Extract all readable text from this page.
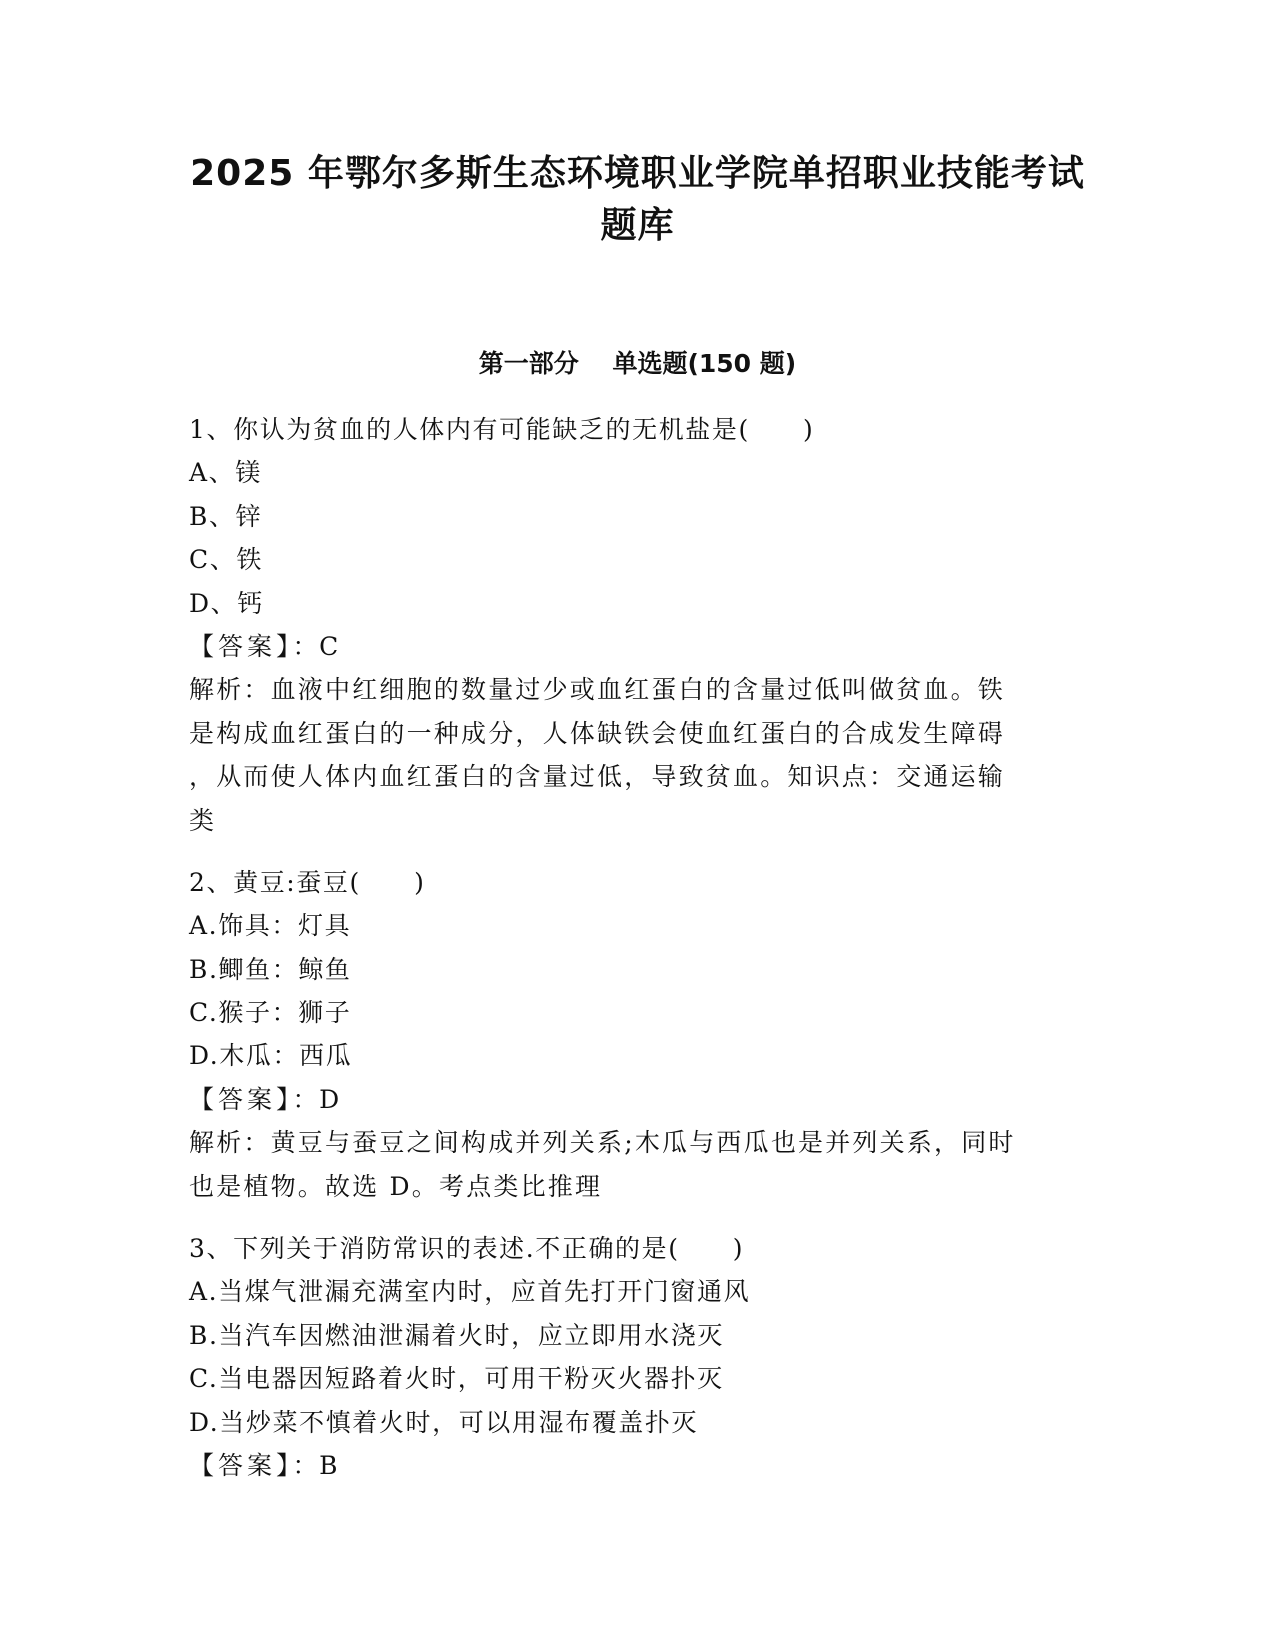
2025 年鄂尔多斯生态环境职业学院单招职业技能考试
题库
第一部分　 单选题(150 题)
1、你认为贫血的人体内有可能缺乏的无机盐是(　　)
A、镁
B、锌
C、铁
D、钙
【答案】：C
解析：血液中红细胞的数量过少或血红蛋白的含量过低叫做贫血。铁
是构成血红蛋白的一种成分，人体缺铁会使血红蛋白的合成发生障碍
，从而使人体内血红蛋白的含量过低，导致贫血。知识点：交通运输
类
2、黄豆:蚕豆(　　)
A.饰具：灯具
B.鲫鱼：鲸鱼
C.猴子：狮子
D.木瓜：西瓜
【答案】：D
解析：黄豆与蚕豆之间构成并列关系;木瓜与西瓜也是并列关系，同时
也是植物。故选 D。考点类比推理
3、下列关于消防常识的表述.不正确的是(　　)
A.当煤气泄漏充满室内时，应首先打开门窗通风
B.当汽车因燃油泄漏着火时，应立即用水浇灭
C.当电器因短路着火时，可用干粉灭火器扑灭
D.当炒菜不慎着火时，可以用湿布覆盖扑灭
【答案】：B
